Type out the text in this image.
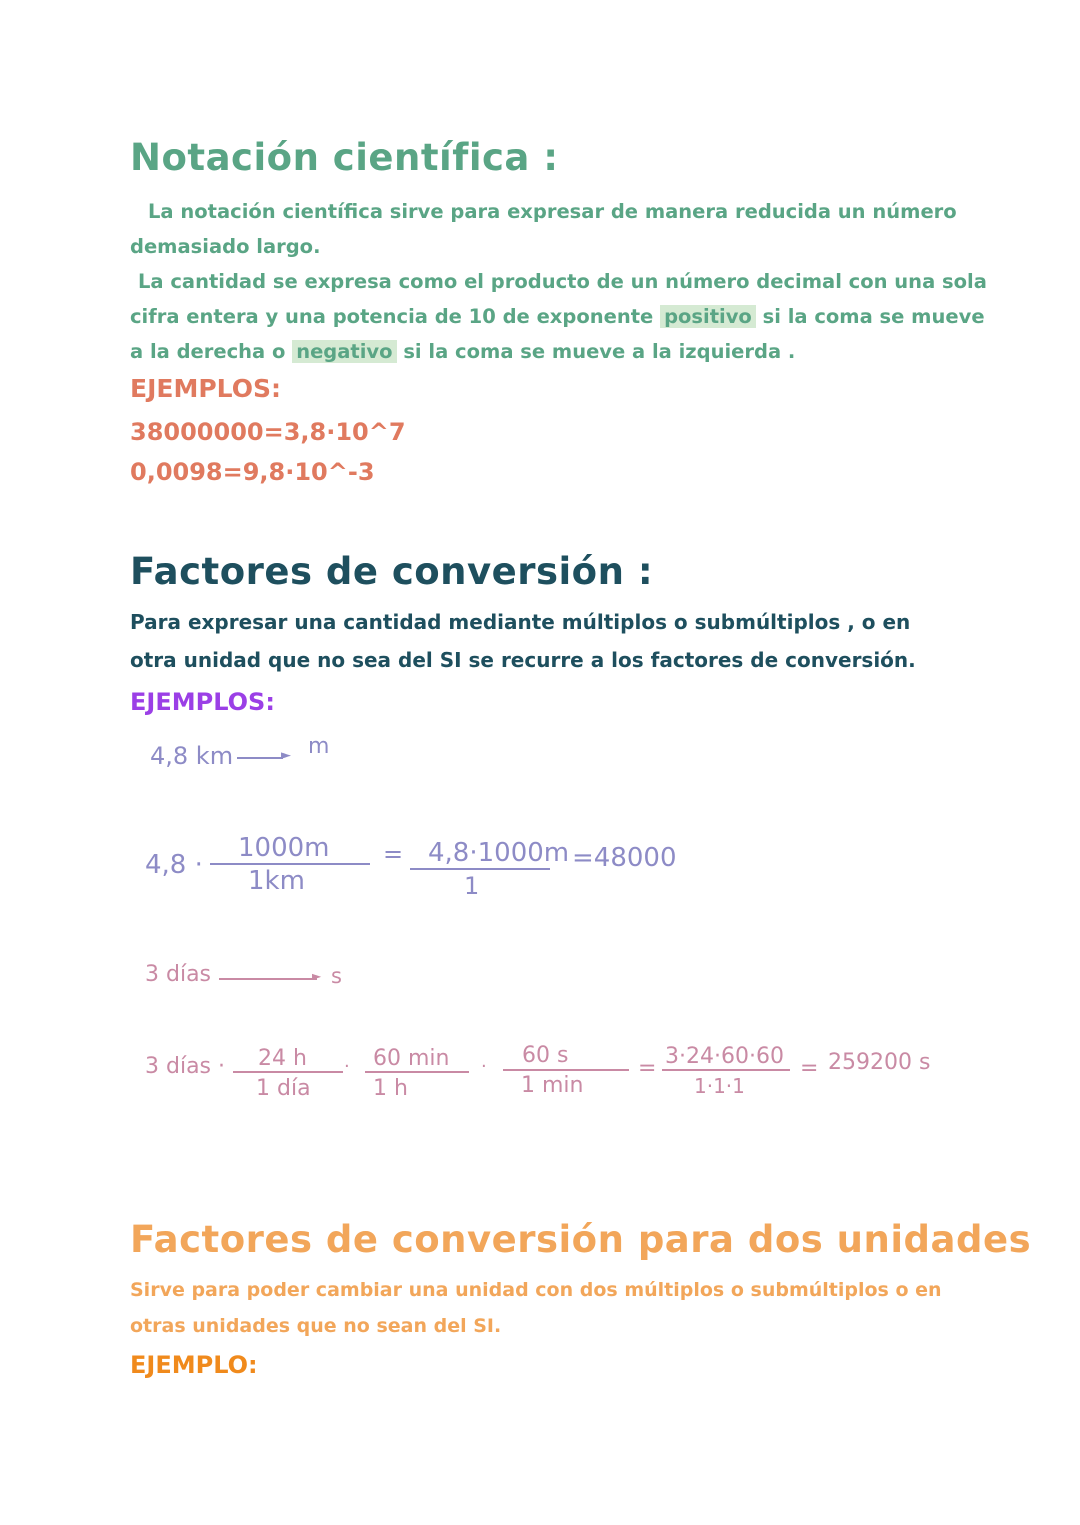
Notación científica :
La notación científica sirve para expresar de manera reducida un número
demasiado largo.
La cantidad se expresa como el producto de un número decimal con una sola
cifra entera y una potencia de 10 de exponente positivo si la coma se mueve
a la derecha o negativo si la coma se mueve a la izquierda .
EJEMPLOS:
38000000=3,8·10^7
0,0098=9,8·10^-3
Factores de conversión :
Para expresar una cantidad mediante múltiplos o submúltiplos , o en
otra unidad que no sea del SI se recurre a los factores de conversión.
EJEMPLOS:
4,8 km	► m
4,8 ·
1000m
1km
= 4,8·1000m
1
=48000
3 días	► s
3 días · 24 h
1 día
· 60 min
1 h
· 60 s
1 min
= 3·24·60·60
1·1·1
= 259200 s
Factores de conversión para dos unidades
Sirve para poder cambiar una unidad con dos múltiplos o submúltiplos o en
otras unidades que no sean del SI.
EJEMPLO:
